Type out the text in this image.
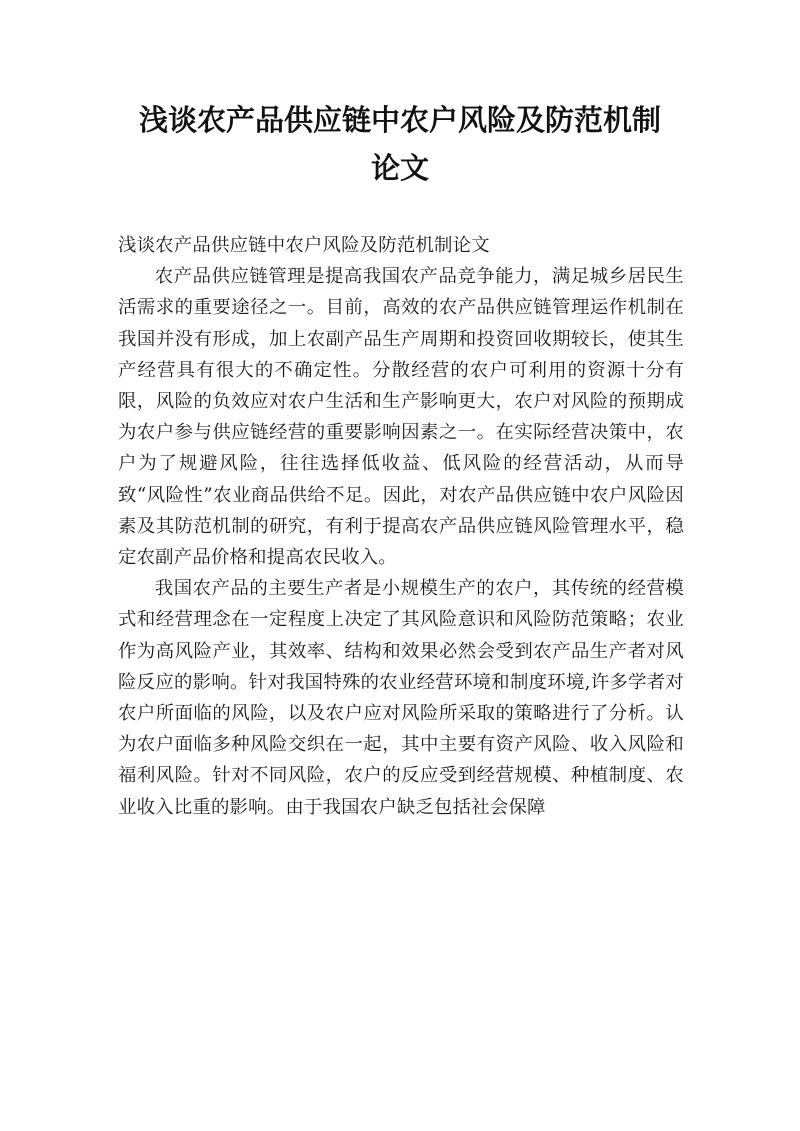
浅谈农产品供应链中农户风险及防范机制
论文

浅谈农产品供应链中农户风险及防范机制论文

农产品供应链管理是提高我国农产品竞争能力，满足城乡居民生活需求的重要途径之一。目前，高效的农产品供应链管理运作机制在我国并没有形成，加上农副产品生产周期和投资回收期较长，使其生产经营具有很大的不确定性。分散经营的农户可利用的资源十分有限，风险的负效应对农户生活和生产影响更大，农户对风险的预期成为农户参与供应链经营的重要影响因素之一。在实际经营决策中，农户为了规避风险，往往选择低收益、低风险的经营活动，从而导致“风险性”农业商品供给不足。因此，对农产品供应链中农户风险因素及其防范机制的研究，有利于提高农产品供应链风险管理水平，稳定农副产品价格和提高农民收入。

我国农产品的主要生产者是小规模生产的农户，其传统的经营模式和经营理念在一定程度上决定了其风险意识和风险防范策略；农业作为高风险产业，其效率、结构和效果必然会受到农产品生产者对风险反应的影响。针对我国特殊的农业经营环境和制度环境,许多学者对农户所面临的风险，以及农户应对风险所采取的策略进行了分析。认为农户面临多种风险交织在一起，其中主要有资产风险、收入风险和福利风险。针对不同风险，农户的反应受到经营规模、种植制度、农业收入比重的影响。由于我国农户缺乏包括社会保障
